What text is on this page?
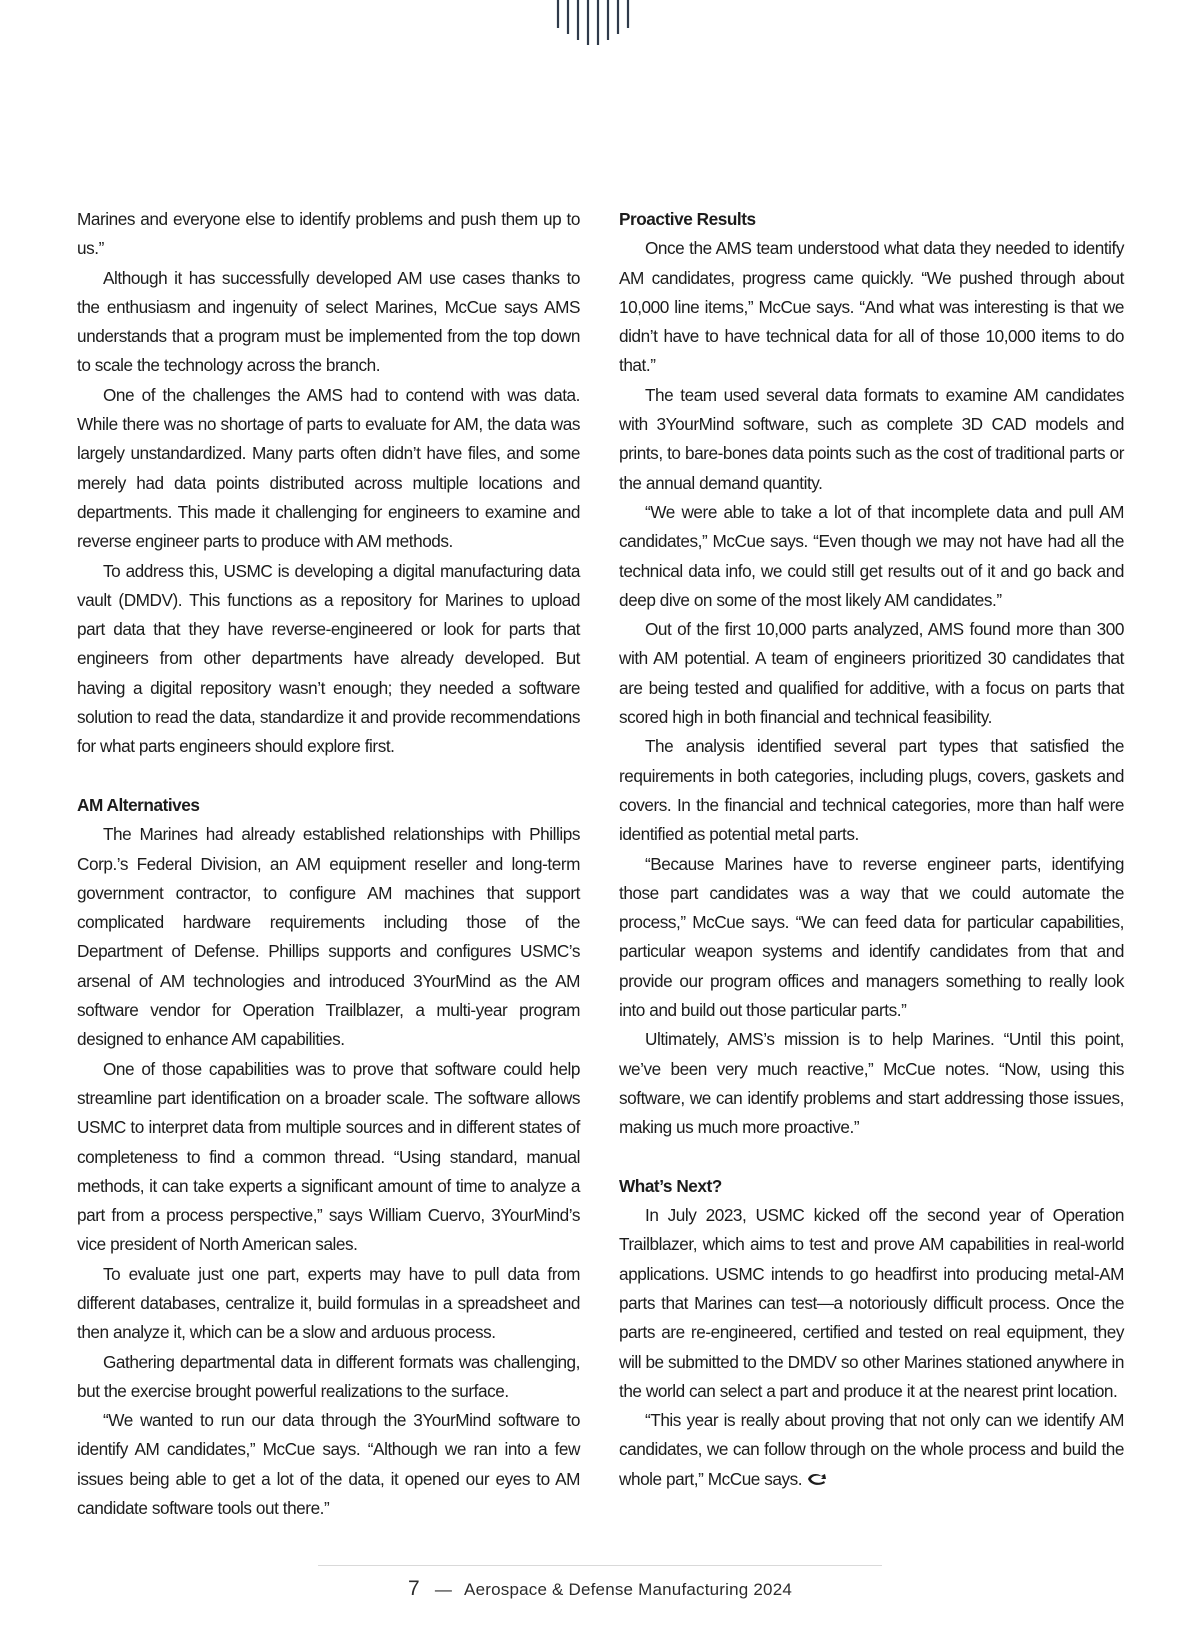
Marines and everyone else to identify problems and push them up to us.”

Although it has successfully developed AM use cases thanks to the enthusiasm and ingenuity of select Marines, McCue says AMS understands that a program must be implemented from the top down to scale the technology across the branch.

One of the challenges the AMS had to contend with was data. While there was no shortage of parts to evaluate for AM, the data was largely unstandardized. Many parts often didn’t have files, and some merely had data points distributed across multiple locations and departments. This made it challenging for engineers to examine and reverse engineer parts to produce with AM methods.

To address this, USMC is developing a digital manufacturing data vault (DMDV). This functions as a repository for Marines to upload part data that they have reverse-engineered or look for parts that engineers from other departments have already developed. But having a digital repository wasn’t enough; they needed a software solution to read the data, standardize it and provide recommendations for what parts engineers should explore first.

AM Alternatives

The Marines had already established relationships with Phillips Corp.’s Federal Division, an AM equipment reseller and long-term government contractor, to configure AM machines that support complicated hardware requirements including those of the Department of Defense. Phillips supports and configures USMC’s arsenal of AM technologies and introduced 3YourMind as the AM software vendor for Operation Trailblazer, a multi-year program designed to enhance AM capabilities.

One of those capabilities was to prove that software could help streamline part identification on a broader scale. The software allows USMC to interpret data from multiple sources and in different states of completeness to find a common thread. “Using standard, manual methods, it can take experts a significant amount of time to analyze a part from a process perspective,” says William Cuervo, 3YourMind’s vice president of North American sales.

To evaluate just one part, experts may have to pull data from different databases, centralize it, build formulas in a spreadsheet and then analyze it, which can be a slow and arduous process.

Gathering departmental data in different formats was challenging, but the exercise brought powerful realizations to the surface.

“We wanted to run our data through the 3YourMind software to identify AM candidates,” McCue says. “Although we ran into a few issues being able to get a lot of the data, it opened our eyes to AM candidate software tools out there.”

Proactive Results

Once the AMS team understood what data they needed to identify AM candidates, progress came quickly. “We pushed through about 10,000 line items,” McCue says. “And what was interesting is that we didn’t have to have technical data for all of those 10,000 items to do that.”

The team used several data formats to examine AM candidates with 3YourMind software, such as complete 3D CAD models and prints, to bare-bones data points such as the cost of traditional parts or the annual demand quantity.

“We were able to take a lot of that incomplete data and pull AM candidates,” McCue says. “Even though we may not have had all the technical data info, we could still get results out of it and go back and deep dive on some of the most likely AM candidates.”

Out of the first 10,000 parts analyzed, AMS found more than 300 with AM potential. A team of engineers prioritized 30 candidates that are being tested and qualified for additive, with a focus on parts that scored high in both financial and technical feasibility.

The analysis identified several part types that satisfied the requirements in both categories, including plugs, covers, gaskets and covers. In the financial and technical categories, more than half were identified as potential metal parts.

“Because Marines have to reverse engineer parts, identifying those part candidates was a way that we could automate the process,” McCue says. “We can feed data for particular capabilities, particular weapon systems and identify candidates from that and provide our program offices and managers something to really look into and build out those particular parts.”

Ultimately, AMS’s mission is to help Marines. “Until this point, we’ve been very much reactive,” McCue notes. “Now, using this software, we can identify problems and start addressing those issues, making us much more proactive.”

What’s Next?

In July 2023, USMC kicked off the second year of Operation Trailblazer, which aims to test and prove AM capabilities in real-world applications. USMC intends to go headfirst into producing metal-AM parts that Marines can test—a notoriously difficult process. Once the parts are re-engineered, certified and tested on real equipment, they will be submitted to the DMDV so other Marines stationed anywhere in the world can select a part and produce it at the nearest print location.

“This year is really about proving that not only can we identify AM candidates, we can follow through on the whole process and build the whole part,” McCue says.

7 — Aerospace & Defense Manufacturing 2024
